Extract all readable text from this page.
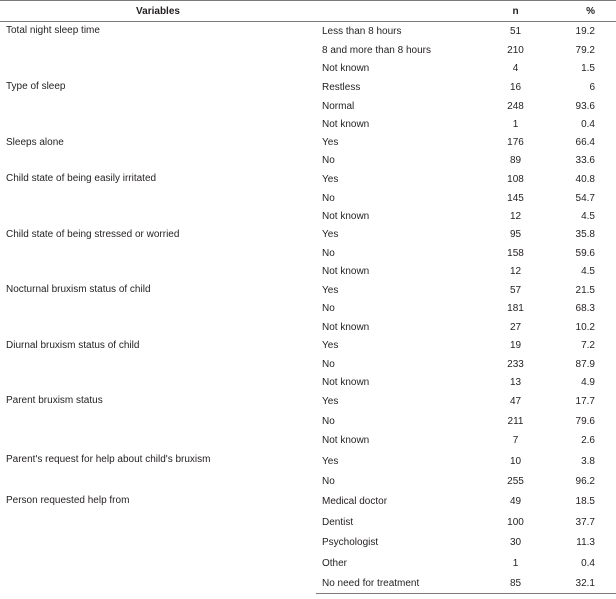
Variables		n	%
Total night sleep time	Less than 8 hours	51	19.2
	8 and more than 8 hours	210	79.2
	Not known	4	1.5
Type of sleep	Restless	16	6
	Normal	248	93.6
	Not known	1	0.4
Sleeps alone	Yes	176	66.4
	No	89	33.6
Child state of being easily irritated	Yes	108	40.8
	No	145	54.7
	Not known	12	4.5
Child state of being stressed or worried	Yes	95	35.8
	No	158	59.6
	Not known	12	4.5
Nocturnal bruxism status of child	Yes	57	21.5
	No	181	68.3
	Not known	27	10.2
Diurnal bruxism status of child	Yes	19	7.2
	No	233	87.9
	Not known	13	4.9
Parent bruxism status	Yes	47	17.7
	No	211	79.6
	Not known	7	2.6
Parent's request for help about child's bruxism	Yes	10	3.8
	No	255	96.2
Person requested help from	Medical doctor	49	18.5
	Dentist	100	37.7
	Psychologist	30	11.3
	Other	1	0.4
	No need for treatment	85	32.1
